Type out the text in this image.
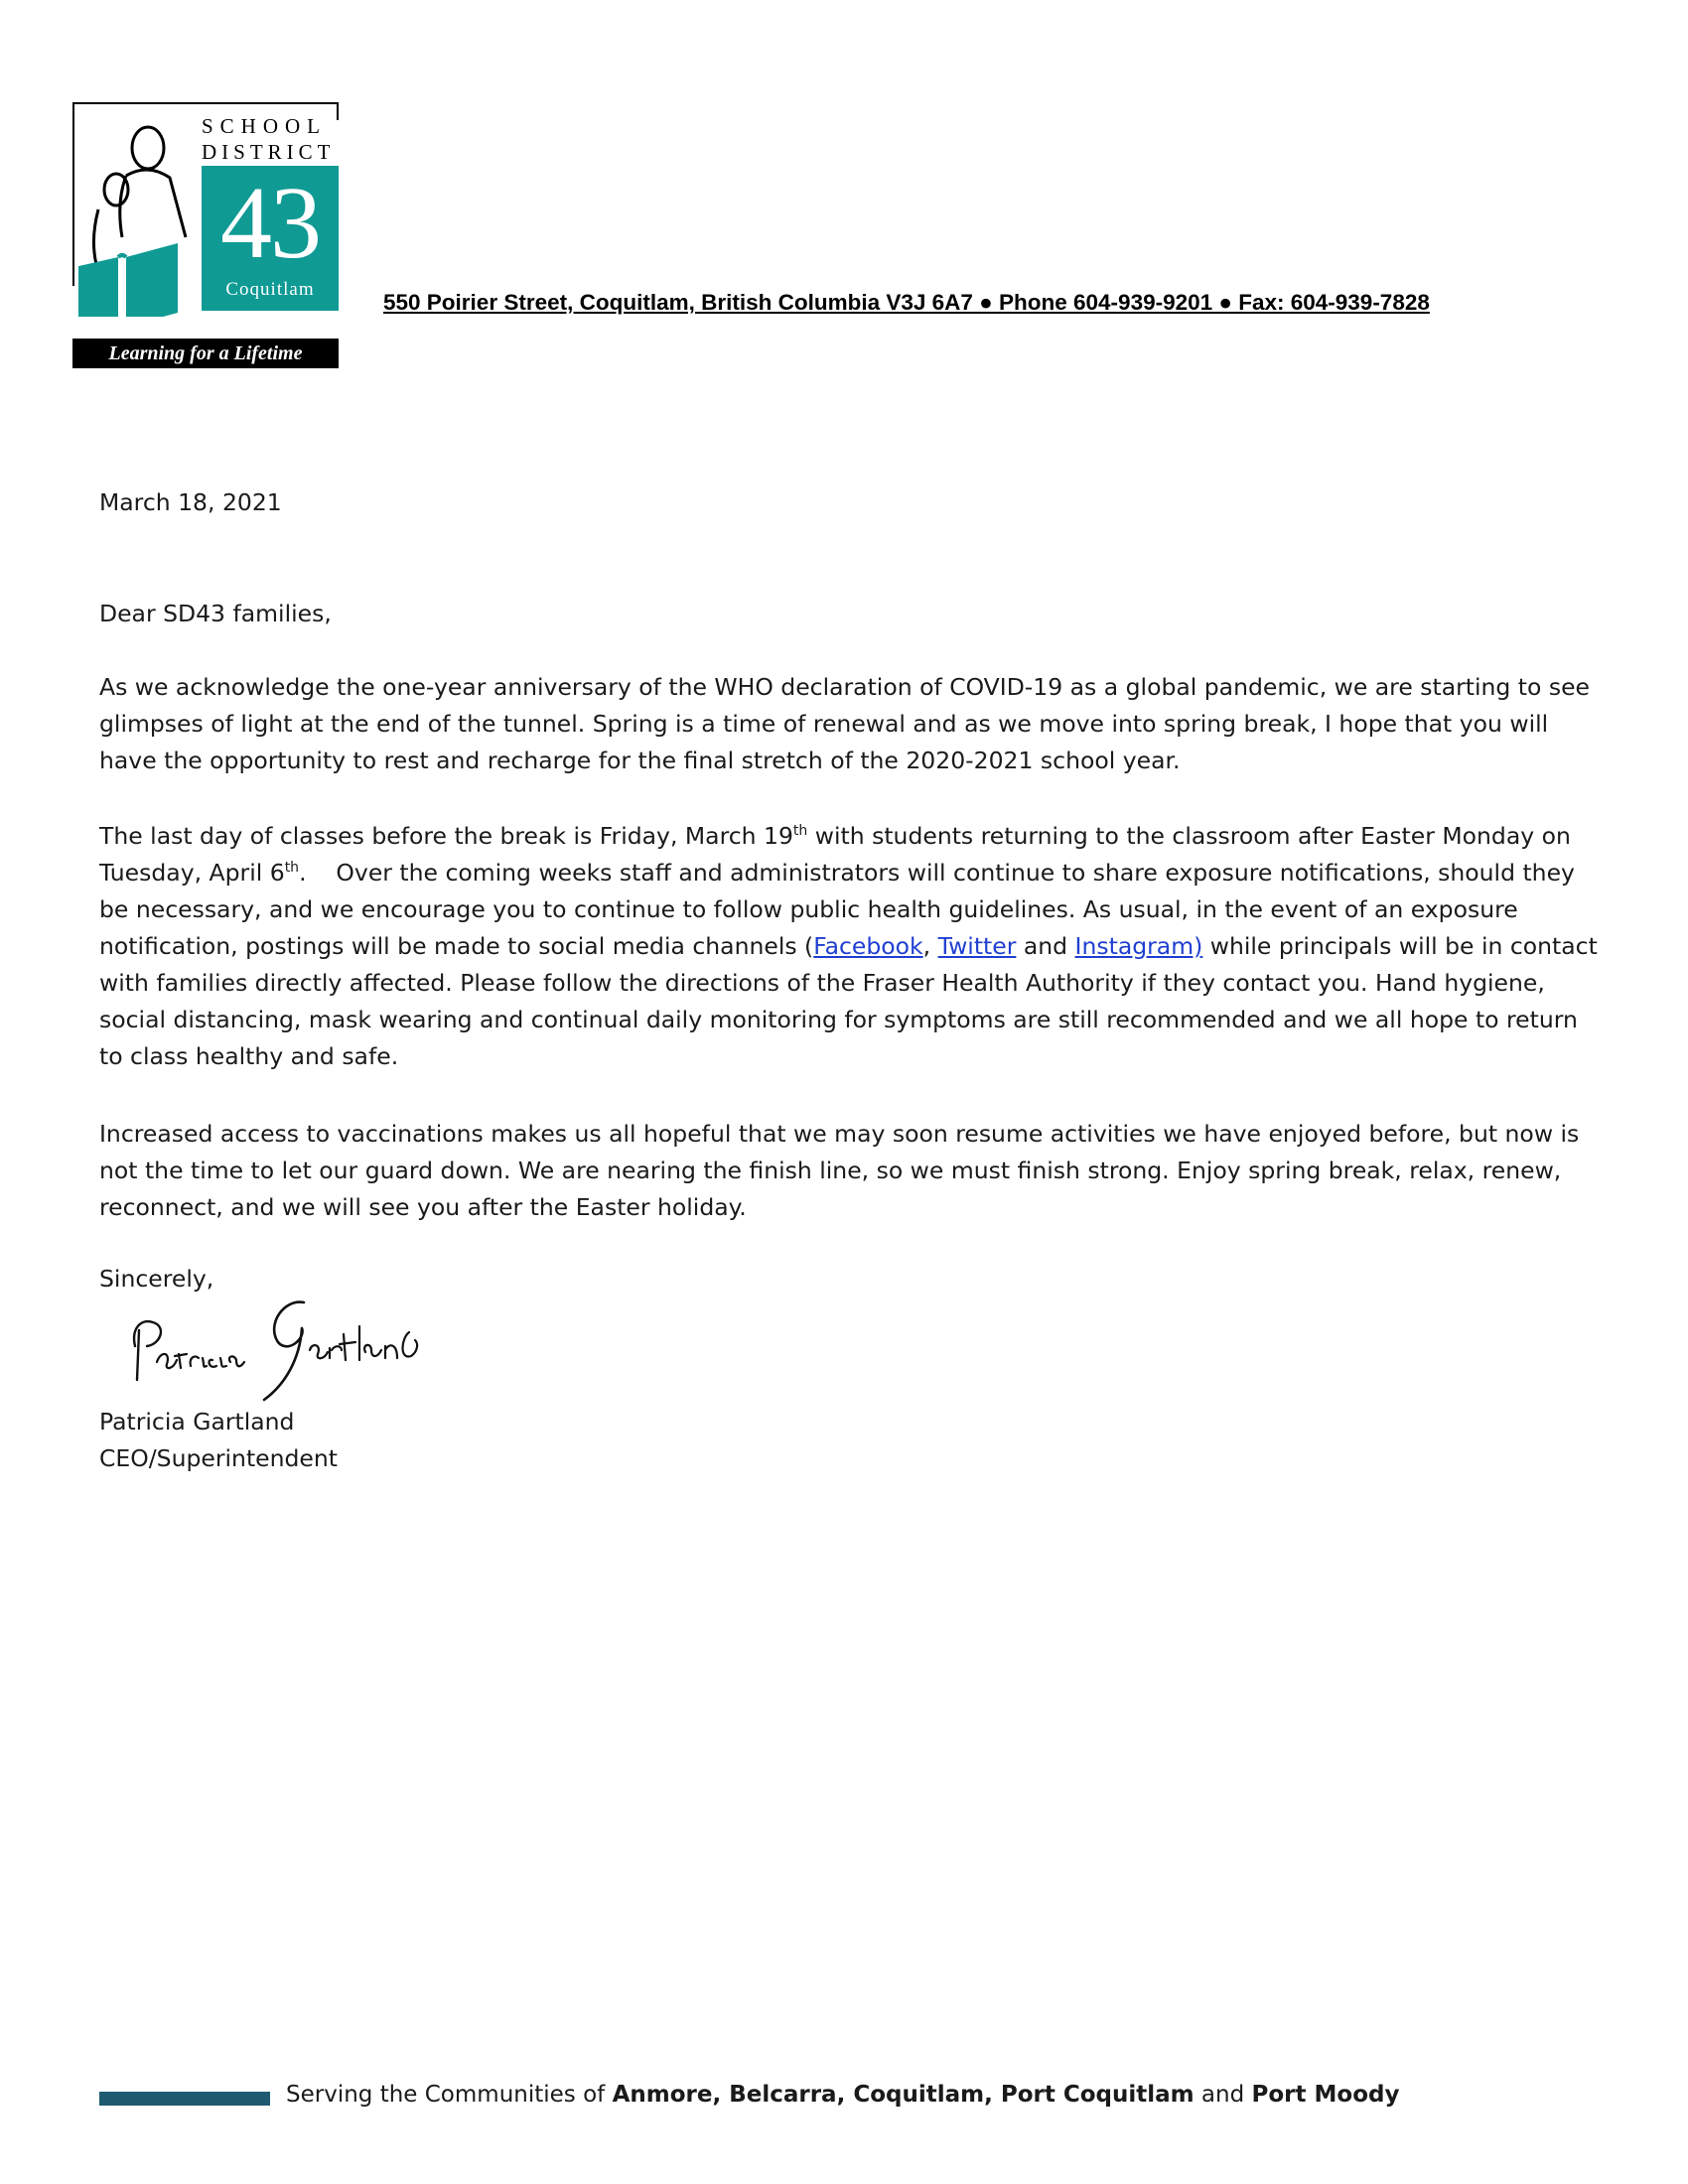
SCHOOL
DISTRICT
43
Coquitlam
Learning for a Lifetime
550 Poirier Street, Coquitlam, British Columbia V3J 6A7 ● Phone 604-939-9201 ● Fax: 604-939-7828
March 18, 2021
Dear SD43 families,
As we acknowledge the one-year anniversary of the WHO declaration of COVID-19 as a global pandemic, we are starting to see glimpses of light at the end of the tunnel. Spring is a time of renewal and as we move into spring break, I hope that you will have the opportunity to rest and recharge for the final stretch of the 2020-2021 school year.
The last day of classes before the break is Friday, March 19th with students returning to the classroom after Easter Monday on Tuesday, April 6th.    Over the coming weeks staff and administrators will continue to share exposure notifications, should they be necessary, and we encourage you to continue to follow public health guidelines. As usual, in the event of an exposure notification, postings will be made to social media channels (Facebook, Twitter and Instagram) while principals will be in contact with families directly affected. Please follow the directions of the Fraser Health Authority if they contact you. Hand hygiene, social distancing, mask wearing and continual daily monitoring for symptoms are still recommended and we all hope to return to class healthy and safe.
Increased access to vaccinations makes us all hopeful that we may soon resume activities we have enjoyed before, but now is not the time to let our guard down. We are nearing the finish line, so we must finish strong. Enjoy spring break, relax, renew, reconnect, and we will see you after the Easter holiday.
Sincerely,
Patricia Gartland
CEO/Superintendent
Serving the Communities of Anmore, Belcarra, Coquitlam, Port Coquitlam and Port Moody
